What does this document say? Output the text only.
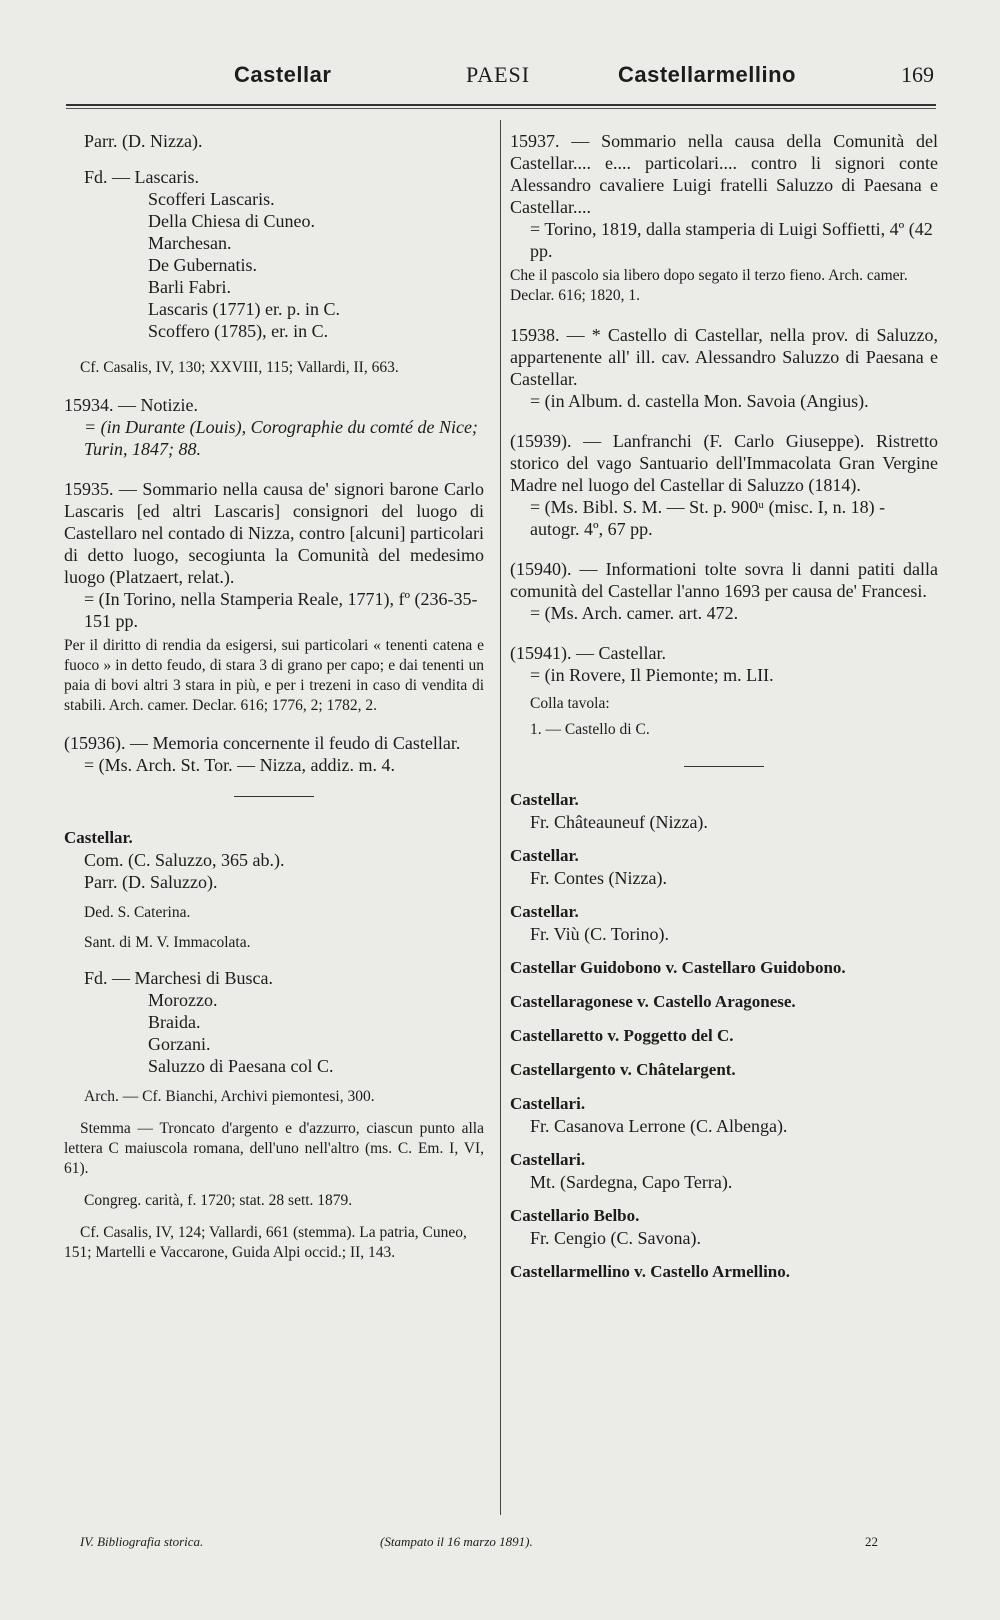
Castellar	PAESI	Castellarmellino	169

Parr. (D. Nizza).

Fd. — Lascaris.

Scofferi Lascaris.

Della Chiesa di Cuneo.

Marchesan.

De Gubernatis.

Barli Fabri.

Lascaris (1771) er. p. in C.

Scoffero (1785), er. in C.

Cf. Casalis, IV, 130; XXVIII, 115; Vallardi, II, 663.

15934. — Notizie.

= (in Durante (Louis), Corographie du comté de Nice; Turin, 1847; 88.

15935. — Sommario nella causa de' signori barone Carlo Lascaris [ed altri Lascaris] consignori del luogo di Castellaro nel contado di Nizza, contro [alcuni] particolari di detto luogo, secogiunta la Comunità del medesimo luogo (Platzaert, relat.).

= (In Torino, nella Stamperia Reale, 1771), fº (236-35-151 pp.

Per il diritto di rendia da esigersi, sui particolari « tenenti catena e fuoco » in detto feudo, di stara 3 di grano per capo; e dai tenenti un paia di bovi altri 3 stara in più, e per i trezeni in caso di vendita di stabili. Arch. camer. Declar. 616; 1776, 2; 1782, 2.

(15936). — Memoria concernente il feudo di Castellar.

= (Ms. Arch. St. Tor. — Nizza, addiz. m. 4.

Castellar.

Com. (C. Saluzzo, 365 ab.).

Parr. (D. Saluzzo).

Ded. S. Caterina.

Sant. di M. V. Immacolata.

Fd. — Marchesi di Busca.

Morozzo.

Braida.

Gorzani.

Saluzzo di Paesana col C.

Arch. — Cf. Bianchi, Archivi piemontesi, 300.

Stemma — Troncato d'argento e d'azzurro, ciascun punto alla lettera C maiuscola romana, dell'uno nell'altro (ms. C. Em. I, VI, 61).

Congreg. carità, f. 1720; stat. 28 sett. 1879.

Cf. Casalis, IV, 124; Vallardi, 661 (stemma). La patria, Cuneo, 151; Martelli e Vaccarone, Guida Alpi occid.; II, 143.

15937. — Sommario nella causa della Comunità del Castellar.... e.... particolari.... contro li signori conte Alessandro cavaliere Luigi fratelli Saluzzo di Paesana e Castellar....

= Torino, 1819, dalla stamperia di Luigi Soffietti, 4º (42 pp.

Che il pascolo sia libero dopo segato il terzo fieno. Arch. camer. Declar. 616; 1820, 1.

15938. — * Castello di Castellar, nella prov. di Saluzzo, appartenente all' ill. cav. Alessandro Saluzzo di Paesana e Castellar.

= (in Album. d. castella Mon. Savoia (Angius).

(15939). — Lanfranchi (F. Carlo Giuseppe). Ristretto storico del vago Santuario dell'Immacolata Gran Vergine Madre nel luogo del Castellar di Saluzzo (1814).

= (Ms. Bibl. S. M. — St. p. 900ᵘ (misc. I, n. 18) - autogr. 4º, 67 pp.

(15940). — Informationi tolte sovra li danni patiti dalla comunità del Castellar l'anno 1693 per causa de' Francesi.

= (Ms. Arch. camer. art. 472.

(15941). — Castellar.

= (in Rovere, Il Piemonte; m. LII.

Colla tavola:

1. — Castello di C.

Castellar.

Fr. Châteauneuf (Nizza).

Castellar.

Fr. Contes (Nizza).

Castellar.

Fr. Viù (C. Torino).

Castellar Guidobono v. Castellaro Guidobono.

Castellaragonese v. Castello Aragonese.

Castellaretto v. Poggetto del C.

Castellargento v. Châtelargent.

Castellari.

Fr. Casanova Lerrone (C. Albenga).

Castellari.

Mt. (Sardegna, Capo Terra).

Castellario Belbo.

Fr. Cengio (C. Savona).

Castellarmellino v. Castello Armellino.

IV. Bibliografia storica.	(Stampato il 16 marzo 1891).	22
